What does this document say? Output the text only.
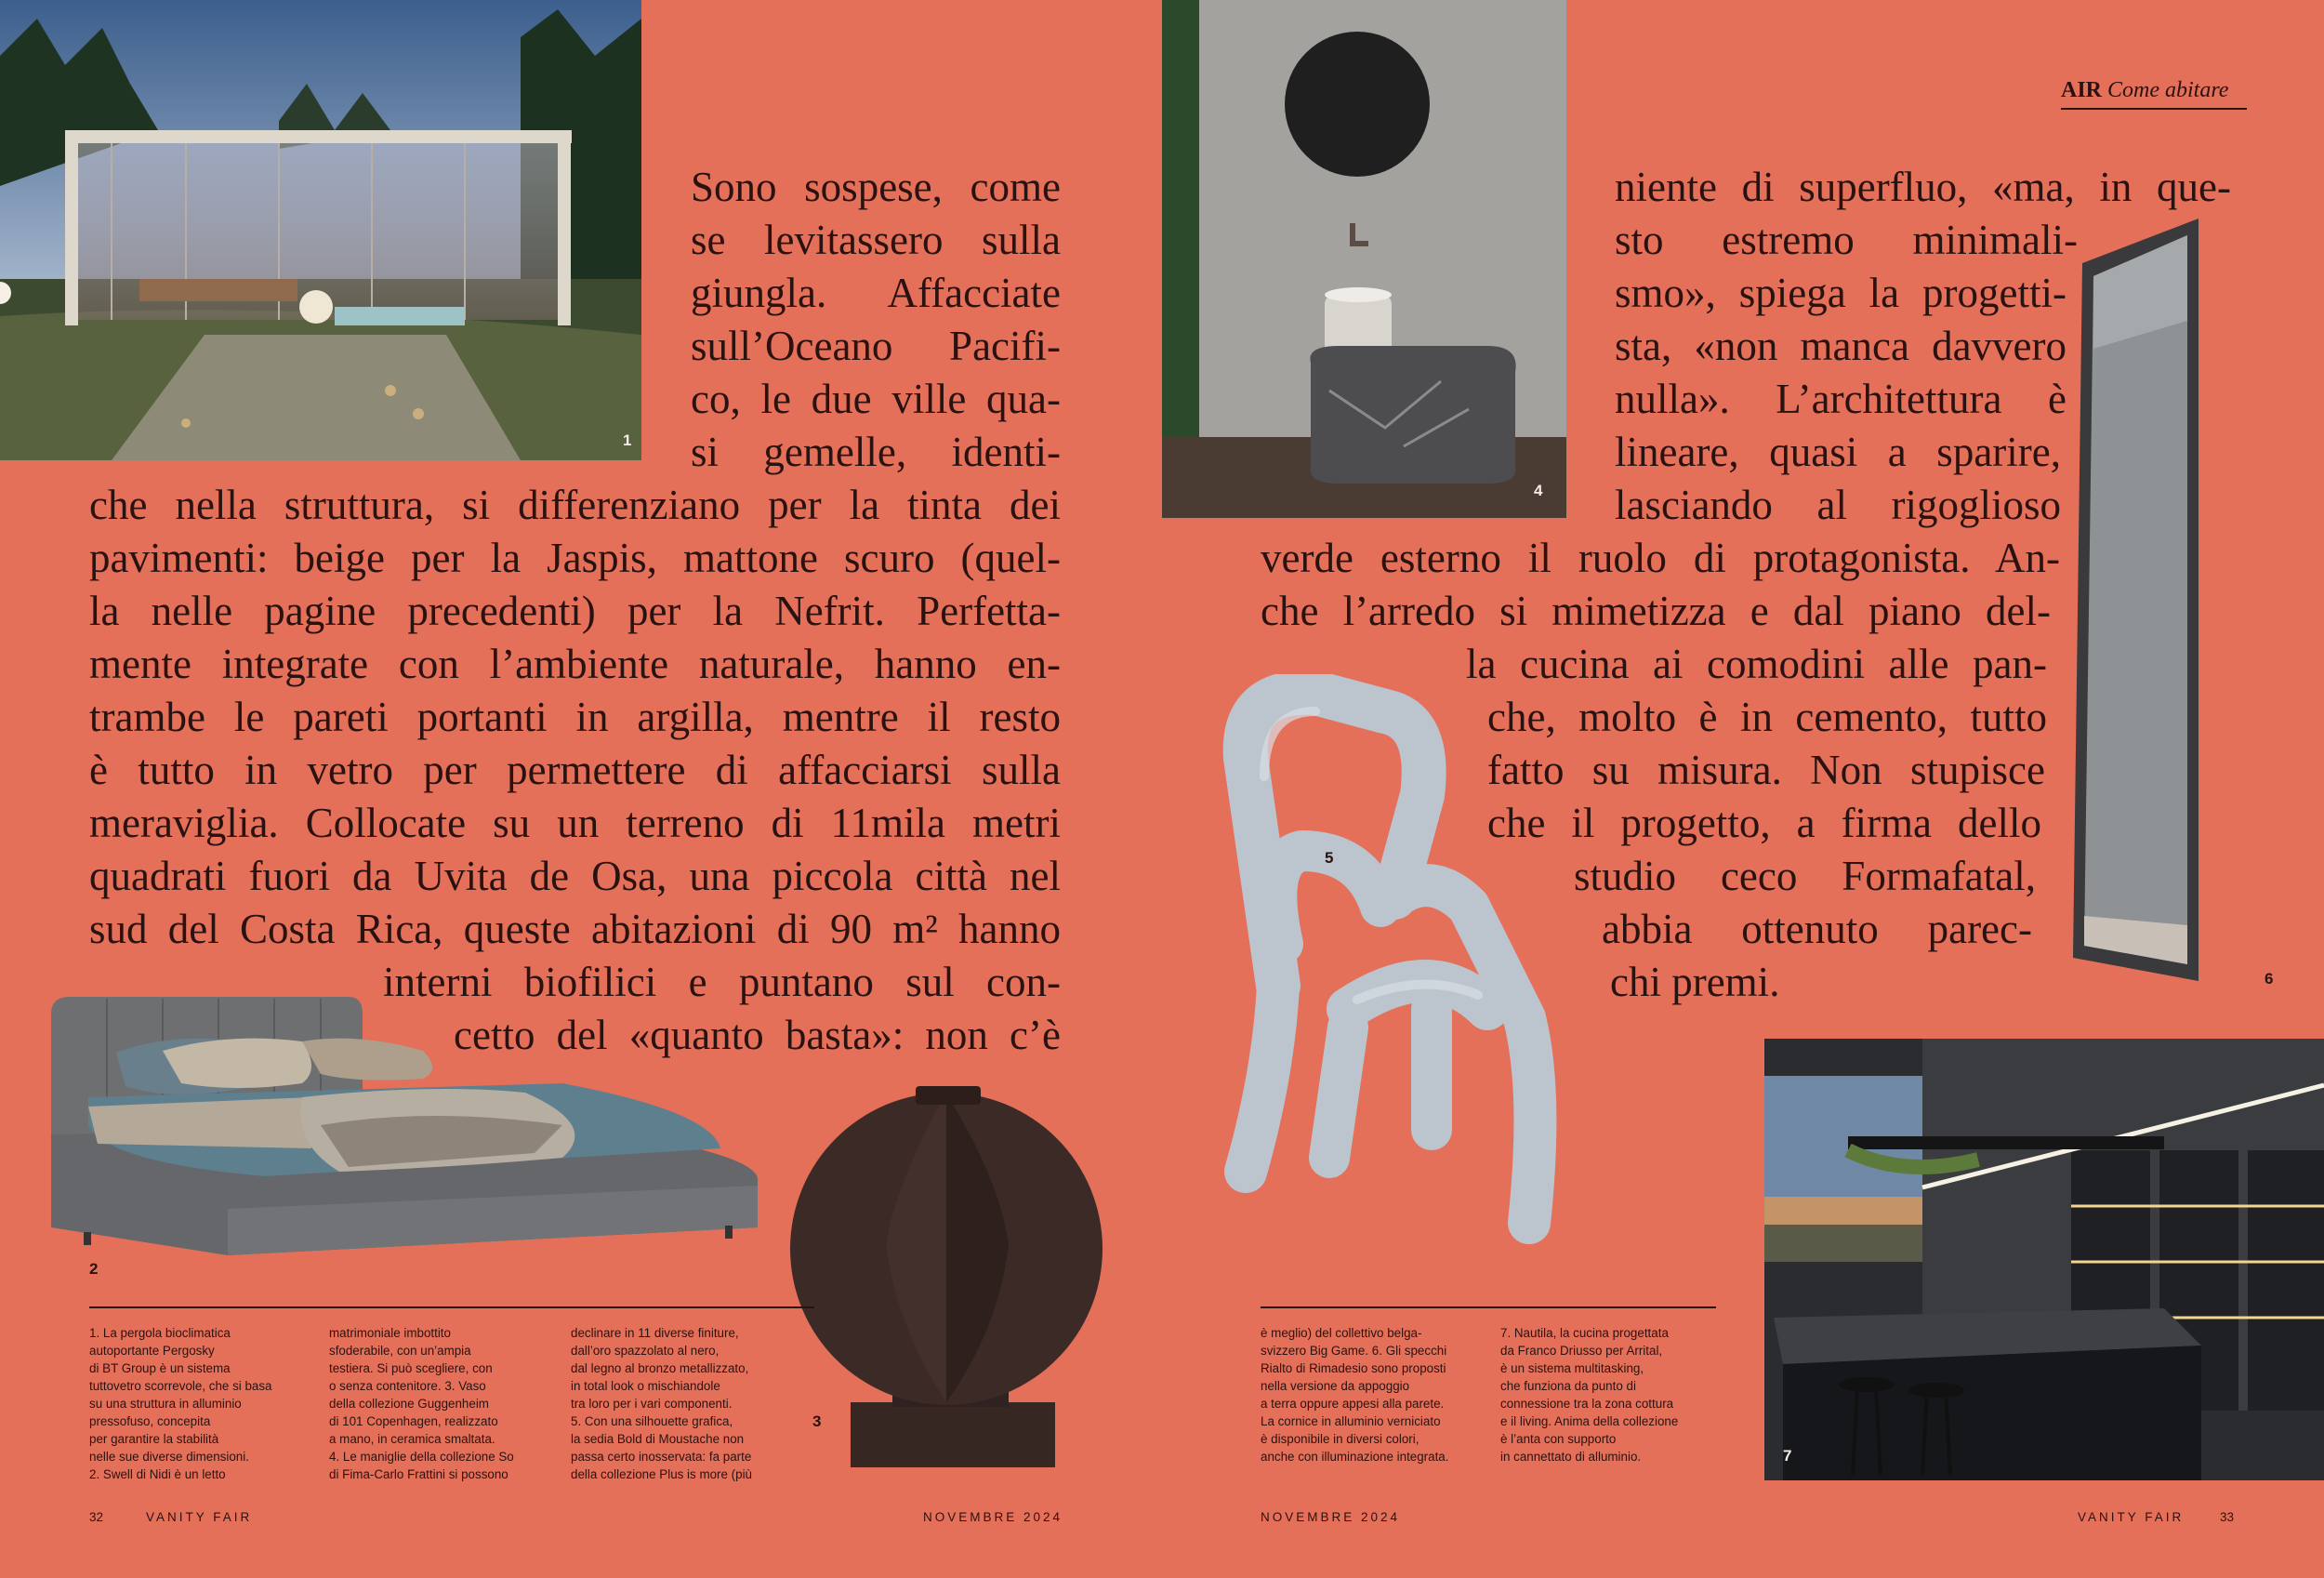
1
4
AIR Come abitare
6
5
2
3
7
Sono sospese, come
se levitassero sulla
giungla. Affacciate
sull’Oceano Pacifi-
co, le due ville qua-
si gemelle, identi-
che nella struttura, si differenziano per la tinta dei
pavimenti: beige per la Jaspis, mattone scuro (quel-
la nelle pagine precedenti) per la Nefrit. Perfetta-
mente integrate con l’ambiente naturale, hanno en-
trambe le pareti portanti in argilla, mentre il resto
è tutto in vetro per permettere di affacciarsi sulla
meraviglia. Collocate su un terreno di 11mila metri
quadrati fuori da Uvita de Osa, una piccola città nel
sud del Costa Rica, queste abitazioni di 90 m² hanno
interni biofilici e puntano sul con-
cetto del «quanto basta»: non c’è
niente di superfluo, «ma, in que-
sto estremo minimali-
smo», spiega la progetti-
sta, «non manca davvero
nulla». L’architettura è
lineare, quasi a sparire,
lasciando al rigoglioso
verde esterno il ruolo di protagonista. An-
che l’arredo si mimetizza e dal piano del-
la cucina ai comodini alle pan-
che, molto è in cemento, tutto
fatto su misura. Non stupisce
che il progetto, a firma dello
studio ceco Formafatal,
abbia ottenuto parec-
chi premi.

1. La pergola bioclimatica

autoportante Pergosky

di BT Group è un sistema

tuttovetro scorrevole, che si basa

su una struttura in alluminio

pressofuso, concepita

per garantire la stabilità

nelle sue diverse dimensioni.

2. Swell di Nidi è un letto

matrimoniale imbottito

sfoderabile, con un’ampia

testiera. Si può scegliere, con

o senza contenitore. 3. Vaso

della collezione Guggenheim

di 101 Copenhagen, realizzato

a mano, in ceramica smaltata.

4. Le maniglie della collezione So

di Fima-Carlo Frattini si possono

declinare in 11 diverse finiture,

dall’oro spazzolato al nero,

dal legno al bronzo metallizzato,

in total look o mischiandole

tra loro per i vari componenti.

5. Con una silhouette grafica,

la sedia Bold di Moustache non

passa certo inosservata: fa parte

della collezione Plus is more (più

è meglio) del collettivo belga-

svizzero Big Game. 6. Gli specchi

Rialto di Rimadesio sono proposti

nella versione da appoggio

a terra oppure appesi alla parete.

La cornice in alluminio verniciato

è disponibile in diversi colori,

anche con illuminazione integrata.

7. Nautila, la cucina progettata

da Franco Driusso per Arrital,

è un sistema multitasking,

che funziona da punto di

connessione tra la zona cottura

e il living. Anima della collezione

è l’anta con supporto

in cannettato di alluminio.

32	VANITY FAIR	NOVEMBRE 2024	NOVEMBRE 2024	VANITY FAIR	33
